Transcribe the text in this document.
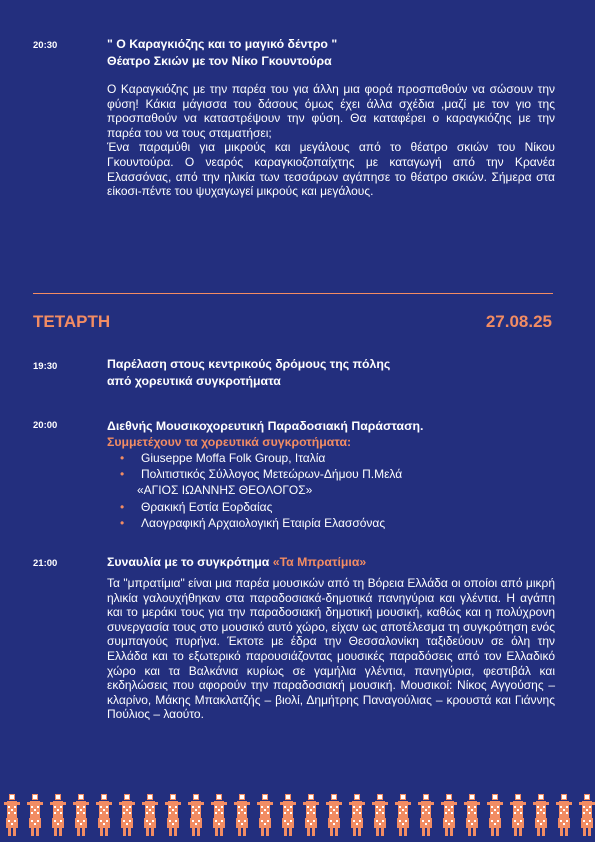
20:30	" Ο Καραγκιόζης και το μαγικό δέντρο "
Θέατρο Σκιών με τον Νίκο Γκουντούρα

Ο Καραγκιόζης με την παρέα του για άλλη μια φορά προσπαθούν να σώσουν την φύση! Κάκια μάγισσα του δάσους όμως έχει άλλα σχέδια ,μαζί με τον γιο της προσπαθούν να καταστρέψουν την φύση. Θα καταφέρει ο καραγκιόζης με την παρέα του να τους σταματήσει;

Ένα παραμύθι για μικρούς και μεγάλους από το θέατρο σκιών του Νίκου Γκουντούρα. Ο νεαρός καραγκιοζοπαίχτης με καταγωγή από την Κρανέα Ελασσόνας, από την ηλικία των τεσσάρων αγάπησε το θέατρο σκιών. Σήμερα στα είκοσι-πέντε του ψυχαγωγεί μικρούς και μεγάλους.

ΤΕΤΑΡΤΗ	27.08.25
19:30	Παρέλαση στους κεντρικούς δρόμους της πόλης
από χορευτικά συγκροτήματα
20:00	Διεθνής Μουσικοχορευτική Παραδοσιακή Παράσταση.
Συμμετέχουν τα χορευτικά συγκροτήματα:
• Giuseppe Moffa Folk Group, Ιταλία
• Πολιτιστικός Σύλλογος Μετεώρων-Δήμου Π.Μελά
«ΑΓΙΟΣ ΙΩΑΝΝΗΣ ΘΕΟΛΟΓΟΣ»
• Θρακική Εστία Εορδαίας
• Λαογραφική Αρχαιολογική Εταιρία Ελασσόνας
21:00	Συναυλία με το συγκρότημα «Τα Μπρατίμια»

Τα "μπρατίμια" είναι μια παρέα μουσικών από τη Βόρεια Ελλάδα οι οποίοι από μικρή ηλικία γαλουχήθηκαν στα παραδοσιακά-δημοτικά πανηγύρια και γλέντια. Η αγάπη και το μεράκι τους για την παραδοσιακή δημοτική μουσική, καθώς και η πολύχρονη συνεργασία τους στο μουσικό αυτό χώρο, είχαν ως αποτέλεσμα τη συγκρότηση ενός συμπαγούς πυρήνα. Έκτοτε με έδρα την Θεσσαλονίκη ταξιδεύουν σε όλη την Ελλάδα και το εξωτερικό παρουσιάζοντας μουσικές παραδόσεις από τον Ελλαδικό χώρο και τα Βαλκάνια κυρίως σε γαμήλια γλέντια, πανηγύρια, φεστιβάλ και εκδηλώσεις που αφορούν την παραδοσιακή μουσική. Μουσικοί: Νίκος Αγγούσης – κλαρίνο, Μάκης Μπακλατζής – βιολί, Δημήτρης Παναγούλιας – κρουστά και Γιάννης Πούλιος – λαούτο.
